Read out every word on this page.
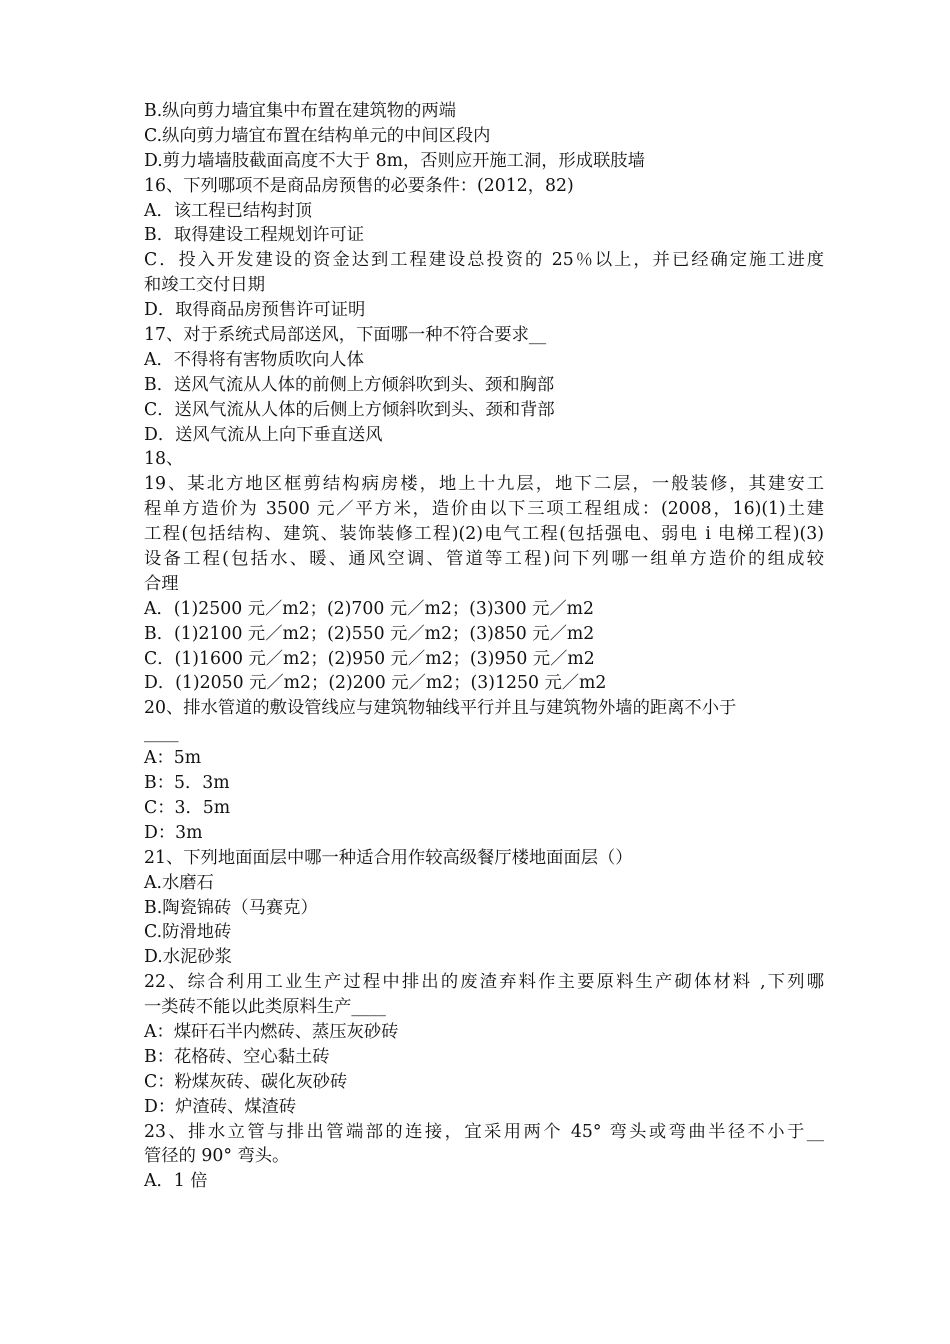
B.纵向剪力墙宜集中布置在建筑物的两端
C.纵向剪力墙宜布置在结构单元的中间区段内
D.剪力墙墙肢截面高度不大于 8m，否则应开施工洞，形成联肢墙
16、下列哪项不是商品房预售的必要条件：(2012，82)
A．该工程已结构封顶
B．取得建设工程规划许可证
C．投入开发建设的资金达到工程建设总投资的 25％以上，并已经确定施工进度
和竣工交付日期
D．取得商品房预售许可证明
17、对于系统式局部送风，下面哪一种不符合要求__
A．不得将有害物质吹向人体
B．送风气流从人体的前侧上方倾斜吹到头、颈和胸部
C．送风气流从人体的后侧上方倾斜吹到头、颈和背部
D．送风气流从上向下垂直送风
18、
19、某北方地区框剪结构病房楼，地上十九层，地下二层，一般装修，其建安工
程单方造价为 3500 元／平方米，造价由以下三项工程组成：(2008，16)(1)土建
工程(包括结构、建筑、装饰装修工程)(2)电气工程(包括强电、弱电 i 电梯工程)(3)
设备工程(包括水、暖、通风空调、管道等工程)问下列哪一组单方造价的组成较
合理
A．(1)2500 元／m2；(2)700 元／m2；(3)300 元／m2
B．(1)2100 元／m2；(2)550 元／m2；(3)850 元／m2
C．(1)1600 元／m2；(2)950 元／m2；(3)950 元／m2
D．(1)2050 元／m2；(2)200 元／m2；(3)1250 元／m2
20、排水管道的敷设管线应与建筑物轴线平行并且与建筑物外墙的距离不小于
____
A：5m
B：5．3m
C：3．5m
D：3m
21、下列地面面层中哪一种适合用作较高级餐厅楼地面面层（）
A.水磨石
B.陶瓷锦砖（马赛克）
C.防滑地砖
D.水泥砂浆
22、综合利用工业生产过程中排出的废渣弃料作主要原料生产砌体材料 ,下列哪
一类砖不能以此类原料生产____
A：煤矸石半内燃砖、蒸压灰砂砖
B：花格砖、空心黏土砖
C：粉煤灰砖、碳化灰砂砖
D：炉渣砖、煤渣砖
23、排水立管与排出管端部的连接，宜采用两个 45° 弯头或弯曲半径不小于__
管径的 90° 弯头。
A．1 倍
